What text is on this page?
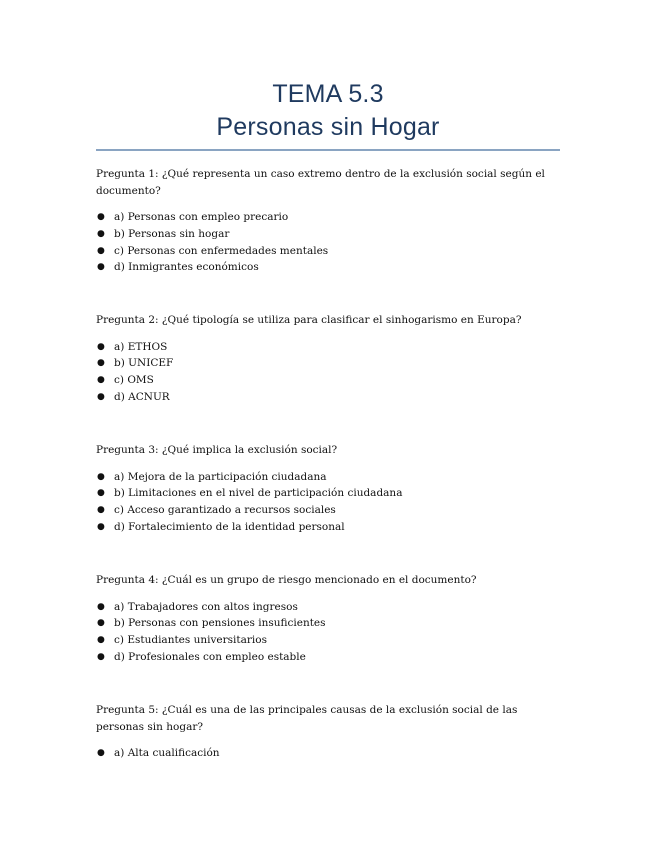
TEMA 5.3
Personas sin Hogar

Pregunta 1: ¿Qué representa un caso extremo dentro de la exclusión social según el documento?

● a) Personas con empleo precario
● b) Personas sin hogar
● c) Personas con enfermedades mentales
● d) Inmigrantes económicos

Pregunta 2: ¿Qué tipología se utiliza para clasificar el sinhogarismo en Europa?

● a) ETHOS
● b) UNICEF
● c) OMS
● d) ACNUR

Pregunta 3: ¿Qué implica la exclusión social?

● a) Mejora de la participación ciudadana
● b) Limitaciones en el nivel de participación ciudadana
● c) Acceso garantizado a recursos sociales
● d) Fortalecimiento de la identidad personal

Pregunta 4: ¿Cuál es un grupo de riesgo mencionado en el documento?

● a) Trabajadores con altos ingresos
● b) Personas con pensiones insuficientes
● c) Estudiantes universitarios
● d) Profesionales con empleo estable

Pregunta 5: ¿Cuál es una de las principales causas de la exclusión social de las personas sin hogar?

● a) Alta cualificación
